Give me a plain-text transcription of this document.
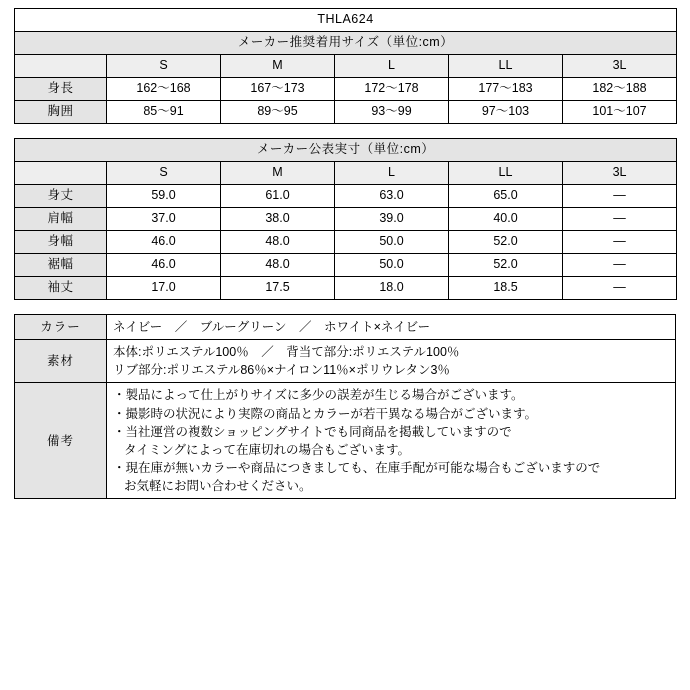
THLA624					
メーカー推奨着用サイズ（単位:cm）					
	S	M	L	LL	3L
身長	162〜168	167〜173	172〜178	177〜183	182〜188
胸囲	85〜91	89〜95	93〜99	97〜103	101〜107
メーカー公表実寸（単位:cm）					
	S	M	L	LL	3L
身丈	59.0	61.0	63.0	65.0	—
肩幅	37.0	38.0	39.0	40.0	—
身幅	46.0	48.0	50.0	52.0	—
裾幅	46.0	48.0	50.0	52.0	—
袖丈	17.0	17.5	18.0	18.5	—
カラー	ネイビー　／　ブルーグリーン　／　ホワイト×ネイビー
素材	本体:ポリエステル100％　／　背当て部分:ポリエステル100％
リブ部分:ポリエステル86％×ナイロン11％×ポリウレタン3％

備考	
・製品によって仕上がりサイズに多少の誤差が生じる場合がございます。
・撮影時の状況により実際の商品とカラーが若干異なる場合がございます。
・当社運営の複数ショッピングサイトでも同商品を掲載していますので
タイミングによって在庫切れの場合もございます。
・現在庫が無いカラーや商品につきましても、在庫手配が可能な場合もございますので
お気軽にお問い合わせください。
